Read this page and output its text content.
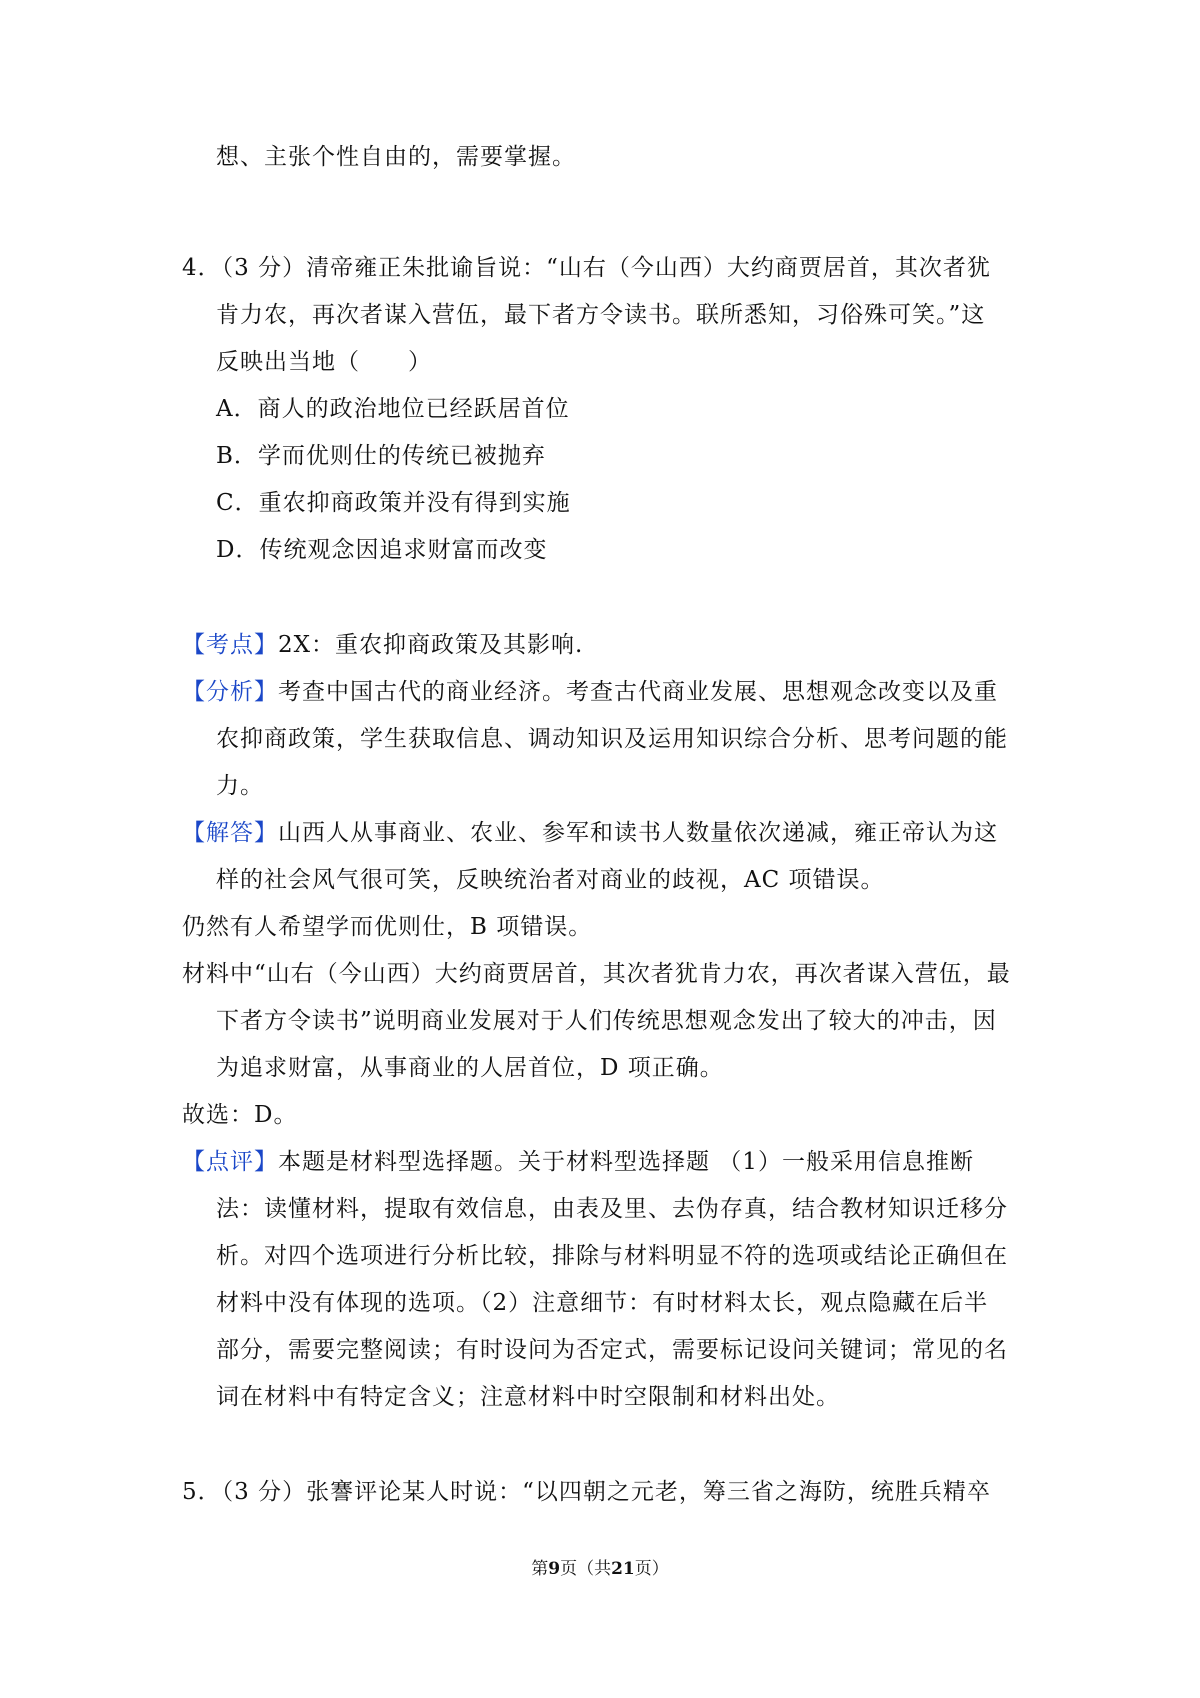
想、主张个性自由的，需要掌握。
4．（3 分）清帝雍正朱批谕旨说：“山右（今山西）大约商贾居首，其次者犹
肯力农，再次者谋入营伍，最下者方令读书。联所悉知，习俗殊可笑。”这
反映出当地（　　）
A．商人的政治地位已经跃居首位
B．学而优则仕的传统已被抛弃
C．重农抑商政策并没有得到实施
D．传统观念因追求财富而改变
【考点】2X：重农抑商政策及其影响.
【分析】考查中国古代的商业经济。考查古代商业发展、思想观念改变以及重
农抑商政策，学生获取信息、调动知识及运用知识综合分析、思考问题的能
力。
【解答】山西人从事商业、农业、参军和读书人数量依次递减，雍正帝认为这
样的社会风气很可笑，反映统治者对商业的歧视，AC 项错误。
仍然有人希望学而优则仕，B 项错误。
材料中“山右（今山西）大约商贾居首，其次者犹肯力农，再次者谋入营伍，最
下者方令读书”说明商业发展对于人们传统思想观念发出了较大的冲击，因
为追求财富，从事商业的人居首位，D 项正确。
故选：D。
【点评】本题是材料型选择题。关于材料型选择题 （1）一般采用信息推断
法：读懂材料，提取有效信息，由表及里、去伪存真，结合教材知识迁移分
析。对四个选项进行分析比较，排除与材料明显不符的选项或结论正确但在
材料中没有体现的选项。（2）注意细节：有时材料太长，观点隐藏在后半
部分，需要完整阅读；有时设问为否定式，需要标记设问关键词；常见的名
词在材料中有特定含义；注意材料中时空限制和材料出处。
5．（3 分）张謇评论某人时说：“以四朝之元老，筹三省之海防，统胜兵精卒
第9页（共21页）
